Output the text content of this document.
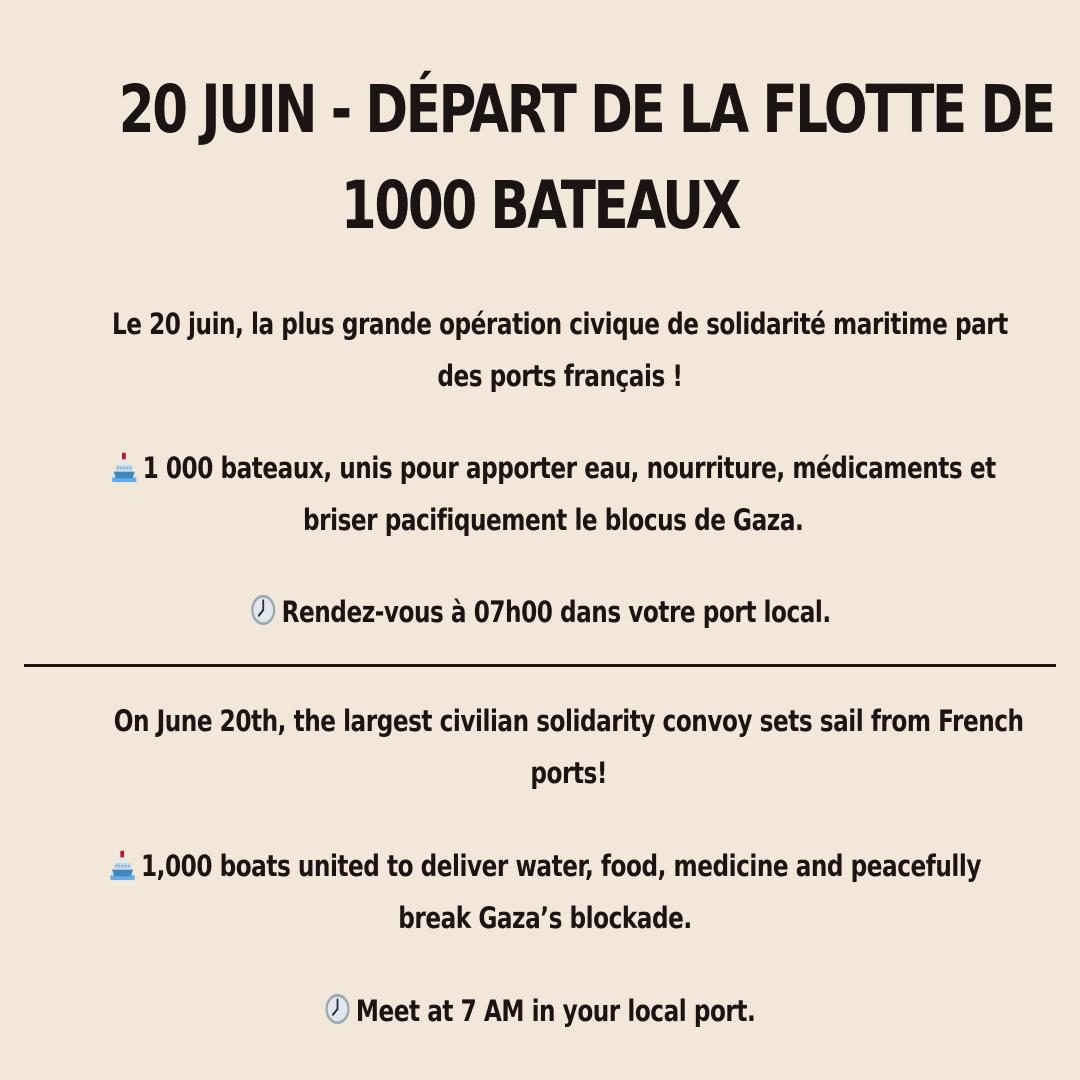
20 JUIN - DÉPART DE LA FLOTTE DE
1000 BATEAUX
Le 20 juin, la plus grande opération civique de solidarité maritime part
des ports français !
1 000 bateaux, unis pour apporter eau, nourriture, médicaments et
briser pacifiquement le blocus de Gaza.
Rendez-vous à 07h00 dans votre port local.
On June 20th, the largest civilian solidarity convoy sets sail from French
ports!
1,000 boats united to deliver water, food, medicine and peacefully
break Gaza’s blockade.
Meet at 7 AM in your local port.
